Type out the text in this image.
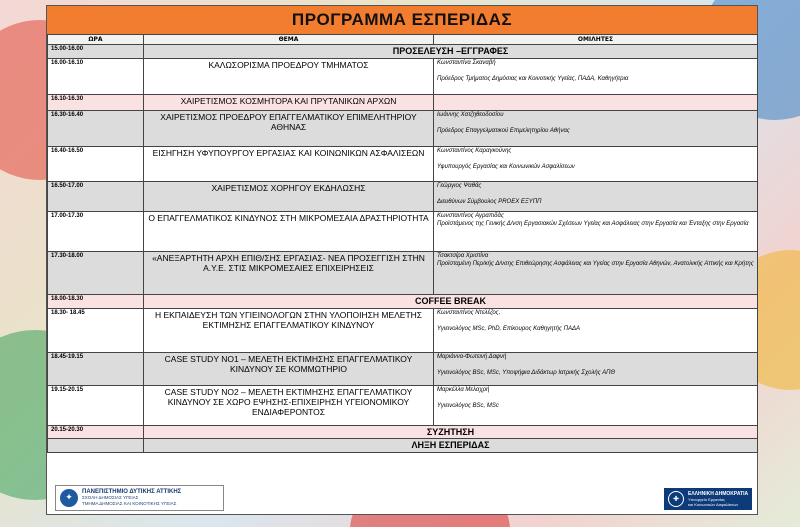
ΠΡΟΓΡΑΜΜΑ ΕΣΠΕΡΙΔΑΣ
ΩΡΑ	ΘΕΜΑ	ΟΜΙΛΗΤΕΣ
15.00-16.00	ΠΡΟΣΕΛΕΥΣΗ –ΕΓΓΡΑΦΕΣ	
16.00-16.10	ΚΑΛΩΣΟΡΙΣΜΑ ΠΡΟΕΔΡΟΥ ΤΜΗΜΑΤΟΣ	Κωνσταντίνα Σκαναβή

Πρόεδρος Τμήματος Δημόσιας και Κοινοτικής Υγείας, ΠΑΔΑ, Καθηγήτρια

16.10-16.30	ΧΑΙΡΕΤΙΣΜΟΣ ΚΟΣΜΗΤΟΡΑ ΚΑΙ ΠΡΥΤΑΝΙΚΩΝ ΑΡΧΩΝ	
16.30-16.40	ΧΑΙΡΕΤΙΣΜΟΣ ΠΡΟΕΔΡΟΥ ΕΠΑΓΓΕΛΜΑΤΙΚΟΥ ΕΠΙΜΕΛΗΤΗΡΙΟΥ ΑΘΗΝΑΣ	Ιωάννης Χατζηθεοδοσίου

Πρόεδρος Επαγγελματικού Επιμελητηρίου Αθήνας

16.40-16.50	ΕΙΣΗΓΗΣΗ ΥΦΥΠΟΥΡΓΟΥ ΕΡΓΑΣΙΑΣ ΚΑΙ ΚΟΙΝΩΝΙΚΩΝ ΑΣΦΑΛΙΣΕΩΝ	Κωνσταντίνος Καραγκούνης

Υφυπουργός Εργασίας και Κοινωνικών Ασφαλίσεων

16.50-17.00	ΧΑΙΡΕΤΙΣΜΟΣ ΧΟΡΗΓΟΥ ΕΚΔΗΛΩΣΗΣ	Γεώργιος Ψαθάς

Διευθύνων Σύμβουλος PROEX ΕΞΥΠΠ

17.00-17.30	Ο ΕΠΑΓΓΕΛΜΑΤΙΚΟΣ ΚΙΝΔΥΝΟΣ ΣΤΗ ΜΙΚΡΟΜΕΣΑΙΑ ΔΡΑΣΤΗΡΙΟΤΗΤΑ	Κωνσταντίνος Αγραπιδάς
Προϊστάμενος της Γενικής Δ/νση Εργασιακών Σχέσεων Υγείας και Ασφάλειας στην Εργασία και Ένταξης στην Εργασία

17.30-18.00	«ΑΝΕΞΑΡΤΗΤΗ ΑΡΧΗ ΕΠΙΘ/ΣΗΣ ΕΡΓΑΣΙΑΣ- ΝΕΑ ΠΡΟΣΕΓΓΙΣΗ ΣΤΗΝ Α.Υ.Ε. ΣΤΙΣ ΜΙΚΡΟΜΕΣΑΙΕΣ ΕΠΙΧΕΙΡΗΣΕΙΣ	Τσακτσίρα Χριστίνα
Προϊσταμένη Περ/κής Δ/νσης Επιθεώρησης Ασφάλειας και Υγείας στην Εργασία Αθηνών, Ανατολικής Αττικής και Κρήτης

18.00-18.30	COFFEE BREAK	
18.30- 18.45	Η ΕΚΠΑΙΔΕΥΣΗ ΤΩΝ ΥΓΙΕΙΝΟΛΟΓΩΝ ΣΤΗΝ ΥΛΟΠΟΙΗΣΗ ΜΕΛΕΤΗΣ ΕΚΤΙΜΗΣΗΣ ΕΠΑΓΓΕΛΜΑΤΙΚΟΥ ΚΙΝΔΥΝΟΥ	Κωνσταντίνος Ντελέζος,

Υγιεινολόγος MSc, PhD, Επίκουρος Καθηγητής ΠΑΔΑ

18.45-19.15	CASE STUDY NO1 – ΜΕΛΕΤΗ ΕΚΤΙΜΗΣΗΣ ΕΠΑΓΓΕΛΜΑΤΙΚΟΥ ΚΙΝΔΥΝΟΥ ΣΕ ΚΟΜΜΩΤΗΡΙΟ	Μαριάννα-Φωτεινή Δαφνή

Υγιεινολόγος BSc, MSc, Υποψήφια Διδάκτωρ Ιατρικής Σχολής ΑΠΘ

19.15-20.15	CASE STUDY NO2 – ΜΕΛΕΤΗ ΕΚΤΙΜΗΣΗΣ ΕΠΑΓΓΕΛΜΑΤΙΚΟΥ ΚΙΝΔΥΝΟΥ ΣΕ ΧΩΡΟ ΕΨΗΣΗΣ-ΕΠΙΧΕΙΡΗΣΗ ΥΓΕΙΟΝΟΜΙΚΟΥ ΕΝΔΙΑΦΕΡΟΝΤΟΣ	Μαρκέλλα Μελαχρή

Υγιεινολόγος BSc, MSc

20.15-20.30	ΣΥΖΗΤΗΣΗ	
	ΛΗΞΗ ΕΣΠΕΡΙΔΑΣ	
✦
ΠΑΝΕΠΙΣΤΗΜΙΟ ΔΥΤΙΚΗΣ ΑΤΤΙΚΗΣ
ΣΧΟΛΗ ΔΗΜΟΣΙΑΣ ΥΓΕΙΑΣ
ΤΜΗΜΑ ΔΗΜΟΣΙΑΣ ΚΑΙ ΚΟΙΝΟΤΙΚΗΣ ΥΓΕΙΑΣ
✚
ΕΛΛΗΝΙΚΗ ΔΗΜΟΚΡΑΤΙΑ
Υπουργείο Εργασίας
και Κοινωνικών Ασφαλίσεων
